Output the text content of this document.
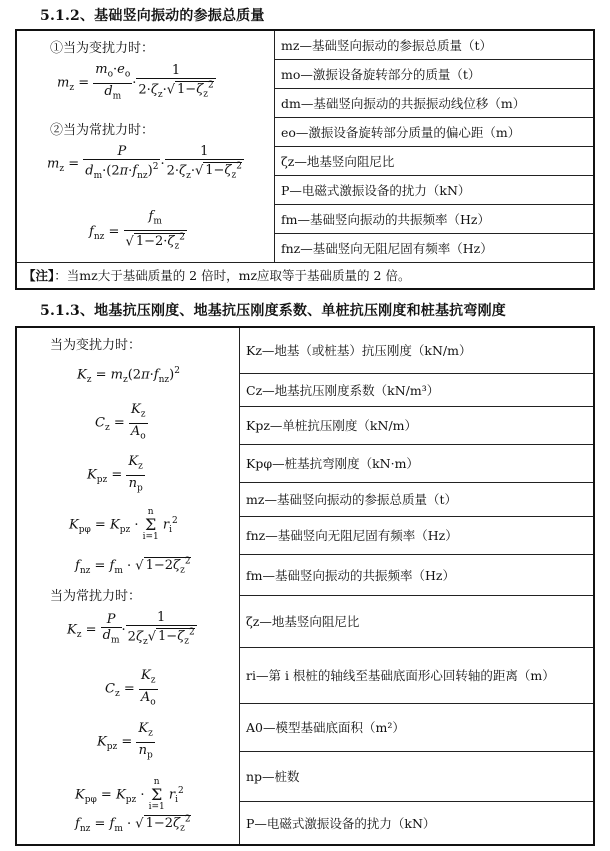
5.1.2、基础竖向振动的参振总质量
①当为变扰力时：
$m_z = \frac{m_o\cdot e_o}{d_m} \cdot \frac{1}{2\cdot\zeta_z\cdot√ 1-\zeta_z^2}$
②当为常扰力时：
$m_z = \frac{P}{d_m\cdot(2\pi\cdot f_{nz})^2} \cdot \frac{1}{2\cdot\zeta_z\cdot√ 1-\zeta_z^2}$
$f_{nz} = \frac{f_m}{√ 1-2\cdot\zeta_z^2}$
	mz—基础竖向振动的参振总质量（t）
mo—激振设备旋转部分的质量（t）
dm—基础竖向振动的共振振动线位移（m）
eo—激振设备旋转部分质量的偏心距（m）
ζz—地基竖向阻尼比
P—电磁式激振设备的扰力（kN）
fm—基础竖向振动的共振频率（Hz）
fnz—基础竖向无阻尼固有频率（Hz）
【注】：当mz大于基础质量的 2 倍时，mz应取等于基础质量的 2 倍。
5.1.3、地基抗压刚度、地基抗压刚度系数、单桩抗压刚度和桩基抗弯刚度
当为变扰力时：
$K_z = m_z(2\pi\cdot f_{nz})^2$
$C_z = \frac{K_z}{A_o}$
$K_{pz} = \frac{K_z}{n_p}$
$K_{p\varphi} = K_{pz} \cdot n$
Σ
i=1 $r_i^2$
$f_{nz} = f_m$ · √ $1-2\zeta_z^2$
当为常扰力时：
$K_z = \frac{P}{d_m} \cdot \frac{1}{2\zeta_z√ 1-\zeta_z^2}$
$C_z = \frac{K_z}{A_o}$
$K_{pz} = \frac{K_z}{n_p}$
$K_{p\varphi} = K_{pz} \cdot n$
Σ
i=1 $r_i^2$
$f_{nz} = f_m$ · √ $1-2\zeta_z^2$
	Kz—地基（或桩基）抗压刚度（kN/m）
Cz—地基抗压刚度系数（kN/m³）
Kpz—单桩抗压刚度（kN/m）
Kpφ—桩基抗弯刚度（kN·m）
mz—基础竖向振动的参振总质量（t）
fnz—基础竖向无阻尼固有频率（Hz）
fm—基础竖向振动的共振频率（Hz）
ζz—地基竖向阻尼比
ri—第 i 根桩的轴线至基础底面形心回转轴的距离（m）
A0—模型基础底面积（m²）
np—桩数
P—电磁式激振设备的扰力（kN）
